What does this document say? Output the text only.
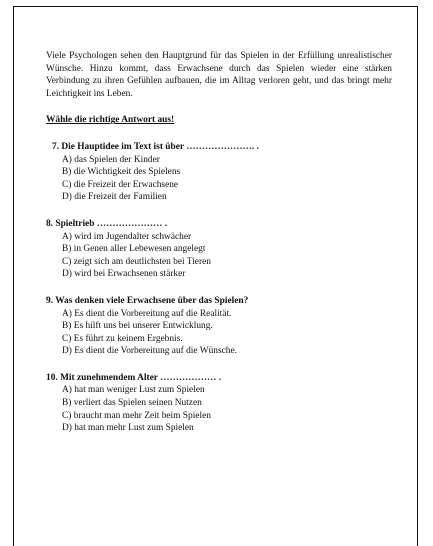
Viele Psychologen sehen den Hauptgrund für das Spielen in der Erfüllung unrealistischer Wünsche. Hinzu kommt, dass Erwachsene durch das Spielen wieder eine stärken Verbindung zu ihren Gefühlen aufbauen, die im Alltag verloren geht, und das bringt mehr Leichtigkeit ins Leben.

Wähle die richtige Antwort aus!

7. Die Hauptidee im Text ist über …………………. .
A) das Spielen der Kinder
B) die Wichtigkeit des Spielens
C) die Freizeit der Erwachsene
D) die Freizeit der Familien
8. Spieltrieb ………………… .
A) wird im Jugendalter schwächer
B) in Genen aller Lebewesen angelegt
C) zeigt sich am deutlichsten bei Tieren
D) wird bei Erwachsenen stärker
9. Was denken viele Erwachsene über das Spielen?
A) Es dient die Vorbereitung auf die Realität.
B) Es hilft uns bei unserer Entwicklung.
C) Es führt zu keinem Ergebnis.
D) Es dient die Vorbereitung auf die Wünsche.
10. Mit zunehmendem Alter ……………… .
A) hat man weniger Lust zum Spielen
B) verliert das Spielen seinen Nutzen
C) braucht man mehr Zeit beim Spielen
D) hat man mehr Lust zum Spielen
